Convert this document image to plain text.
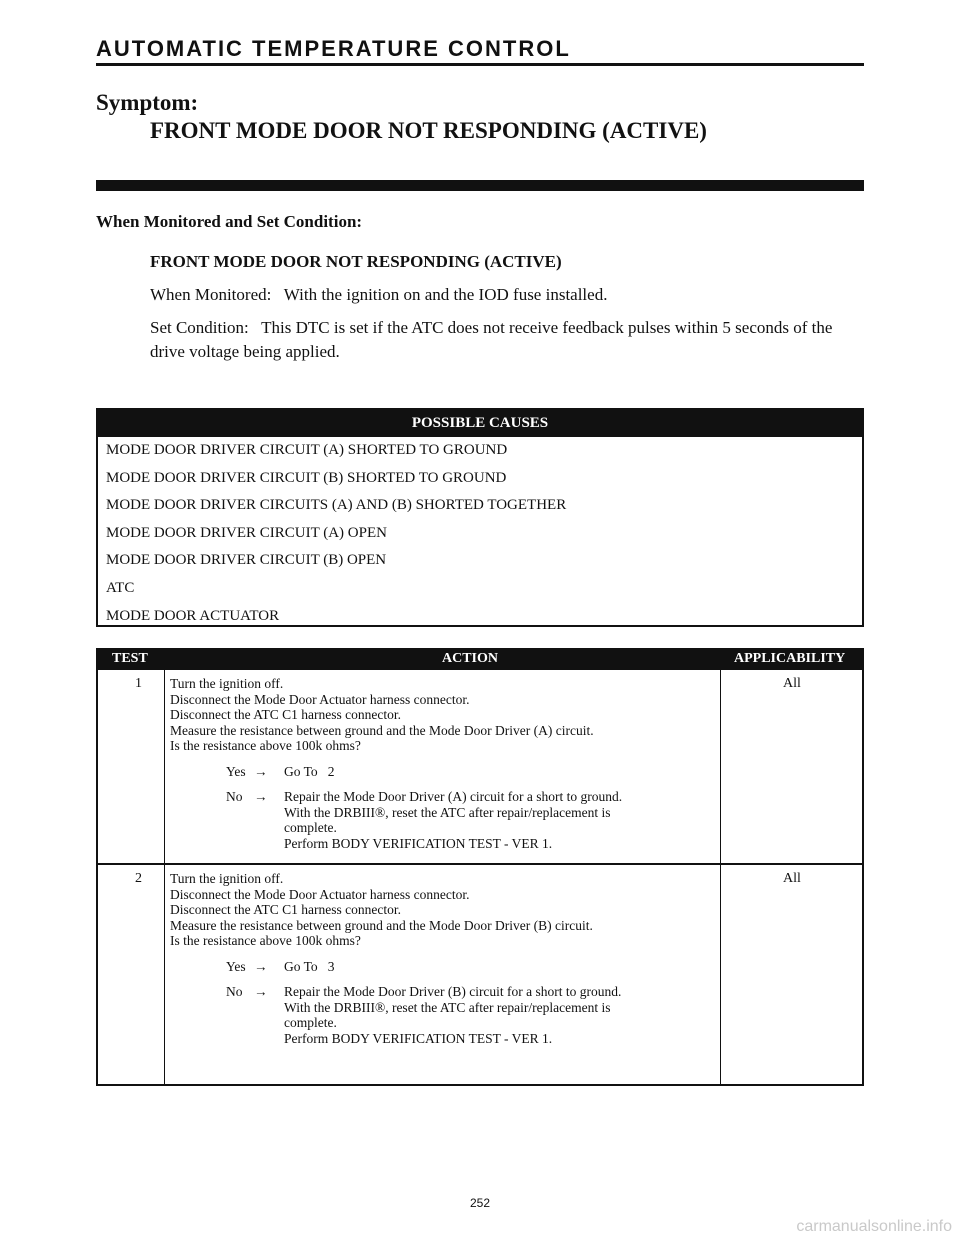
AUTOMATIC TEMPERATURE CONTROL
Symptom:
FRONT MODE DOOR NOT RESPONDING (ACTIVE)
When Monitored and Set Condition:
FRONT MODE DOOR NOT RESPONDING (ACTIVE)
When Monitored:   With the ignition on and the IOD fuse installed.
Set Condition:   This DTC is set if the ATC does not receive feedback pulses within 5 seconds of the drive voltage being applied.
POSSIBLE CAUSES
MODE DOOR DRIVER CIRCUIT (A) SHORTED TO GROUND
MODE DOOR DRIVER CIRCUIT (B) SHORTED TO GROUND
MODE DOOR DRIVER CIRCUITS (A) AND (B) SHORTED TOGETHER
MODE DOOR DRIVER CIRCUIT (A) OPEN
MODE DOOR DRIVER CIRCUIT (B) OPEN
ATC
MODE DOOR ACTUATOR
TEST	ACTION	APPLICABILITY
1 Turn the ignition off.
Disconnect the Mode Door Actuator harness connector.
Disconnect the ATC C1 harness connector.
Measure the resistance between ground and the Mode Door Driver (A) circuit.
Is the resistance above 100k ohms?
Yes → Go To   2
No → Repair the Mode Door Driver (A) circuit for a short to ground.
With the DRBIII®, reset the ATC after repair/replacement is
complete.
Perform BODY VERIFICATION TEST - VER 1.
All
2 Turn the ignition off.
Disconnect the Mode Door Actuator harness connector.
Disconnect the ATC C1 harness connector.
Measure the resistance between ground and the Mode Door Driver (B) circuit.
Is the resistance above 100k ohms?
Yes → Go To   3
No → Repair the Mode Door Driver (B) circuit for a short to ground.
With the DRBIII®, reset the ATC after repair/replacement is
complete.
Perform BODY VERIFICATION TEST - VER 1.
All
252
carmanualsonline.info
